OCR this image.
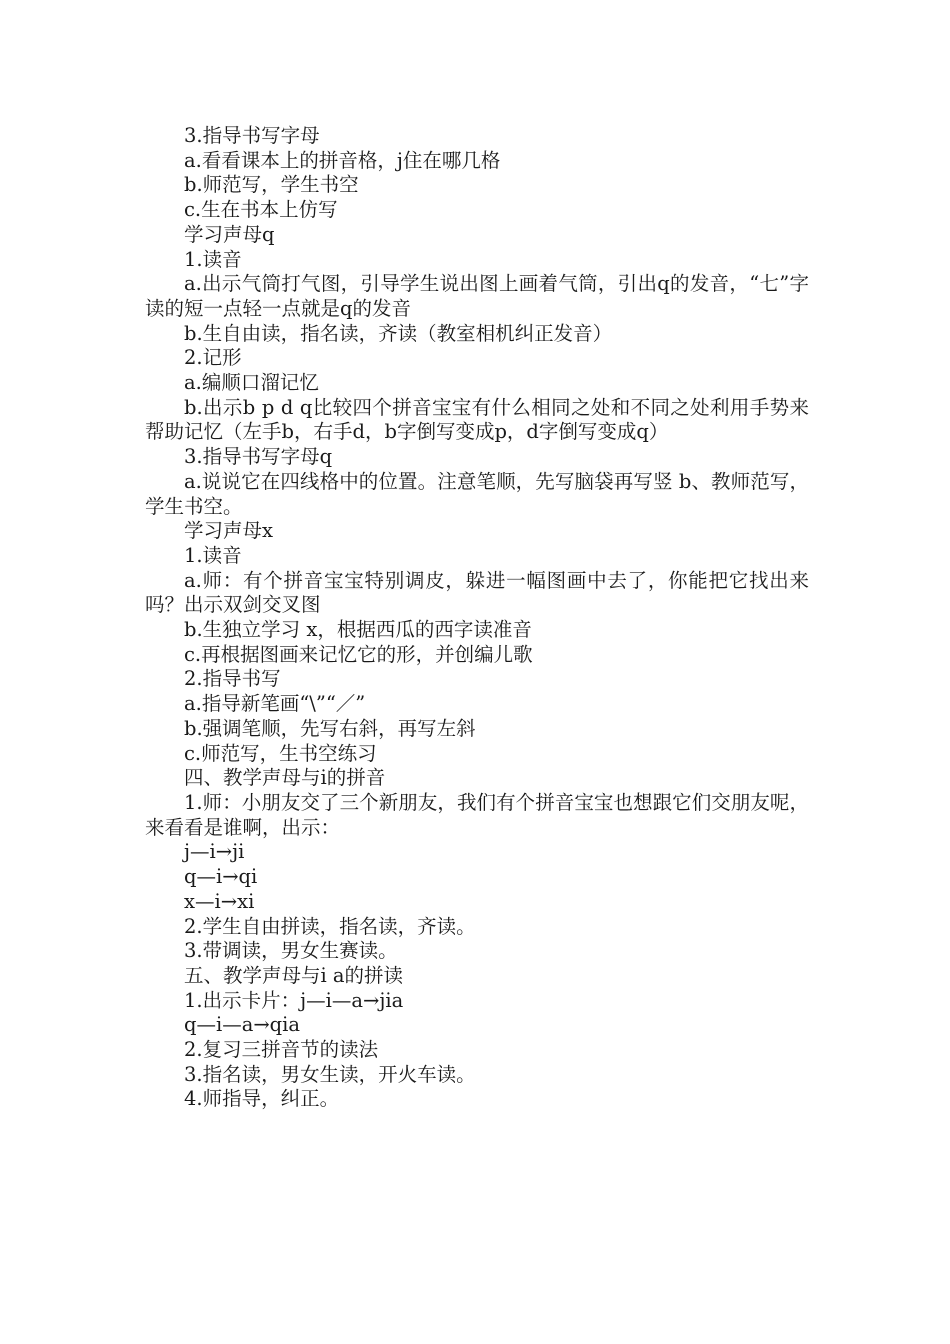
3.指导书写字母

a.看看课本上的拼音格，j住在哪几格

b.师范写，学生书空

c.生在书本上仿写

学习声母q

1.读音

a.出示气筒打气图，引导学生说出图上画着气筒，引出q的发音，“七”字读的短一点轻一点就是q的发音

b.生自由读，指名读，齐读（教室相机纠正发音）

2.记形

a.编顺口溜记忆

b.出示b p d q比较四个拼音宝宝有什么相同之处和不同之处利用手势来帮助记忆（左手b，右手d，b字倒写变成p，d字倒写变成q）

3.指导书写字母q

a.说说它在四线格中的位置。注意笔顺，先写脑袋再写竖 b、教师范写，学生书空。

学习声母x

1.读音

a.师：有个拼音宝宝特别调皮，躲进一幅图画中去了，你能把它找出来吗？出示双剑交叉图

b.生独立学习 x，根据西瓜的西字读准音

c.再根据图画来记忆它的形，并创编儿歌

2.指导书写

a.指导新笔画“\”“／”

b.强调笔顺，先写右斜，再写左斜

c.师范写，生书空练习

四、教学声母与i的拼音

1.师：小朋友交了三个新朋友，我们有个拼音宝宝也想跟它们交朋友呢，来看看是谁啊，出示：

j—i→ji

q—i→qi

x—i→xi

2.学生自由拼读，指名读，齐读。

3.带调读，男女生赛读。

五、教学声母与i a的拼读

1.出示卡片：j—i—a→jia

q—i—a→qia

2.复习三拼音节的读法

3.指名读，男女生读，开火车读。

4.师指导，纠正。
